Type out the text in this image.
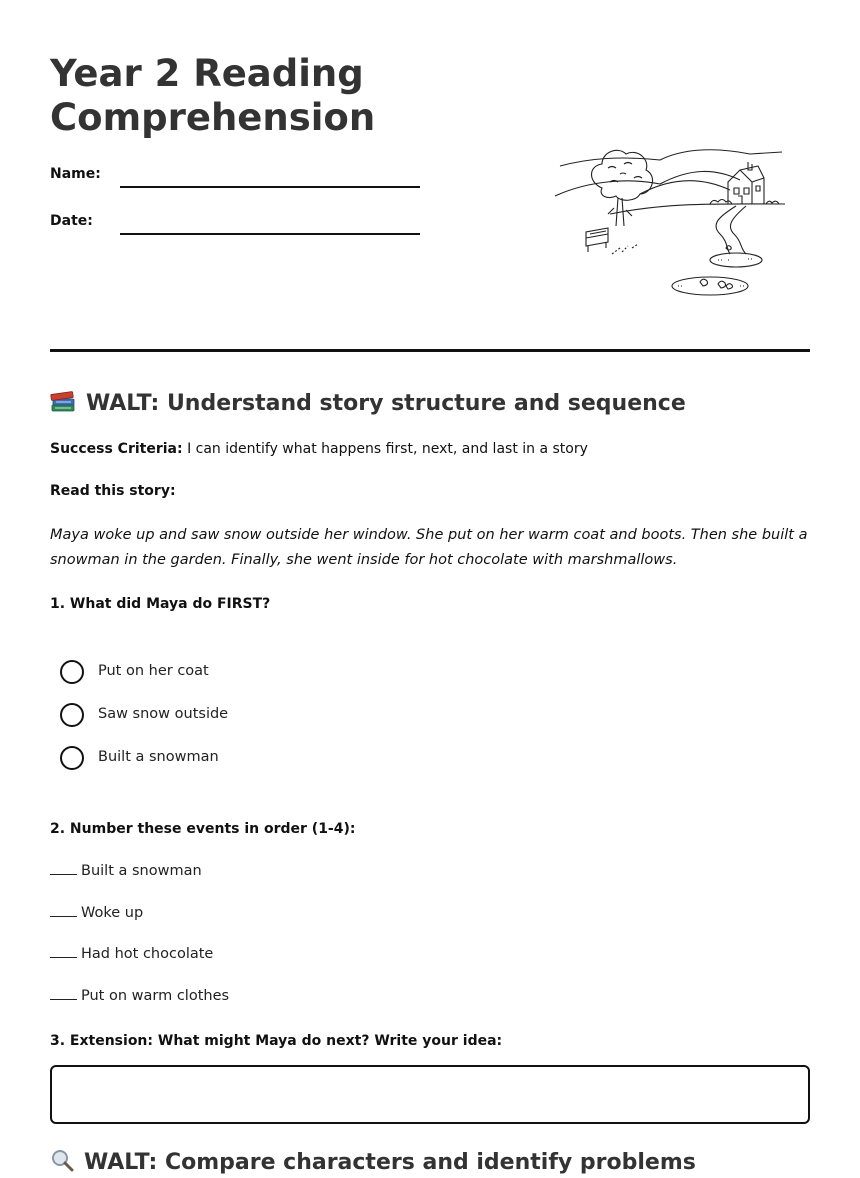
Year 2 Reading
Comprehension
Name:
Date:
WALT: Understand story structure and sequence
Success Criteria: I can identify what happens first, next, and last in a story
Read this story:

Maya woke up and saw snow outside her window. She put on her warm coat and boots. Then she built a snowman in the garden. Finally, she went inside for hot chocolate with marshmallows.

1. What did Maya do FIRST?
Put on her coat
Saw snow outside
Built a snowman
2. Number these events in order (1-4):
Built a snowman
Woke up
Had hot chocolate
Put on warm clothes
3. Extension: What might Maya do next? Write your idea:
WALT: Compare characters and identify problems
